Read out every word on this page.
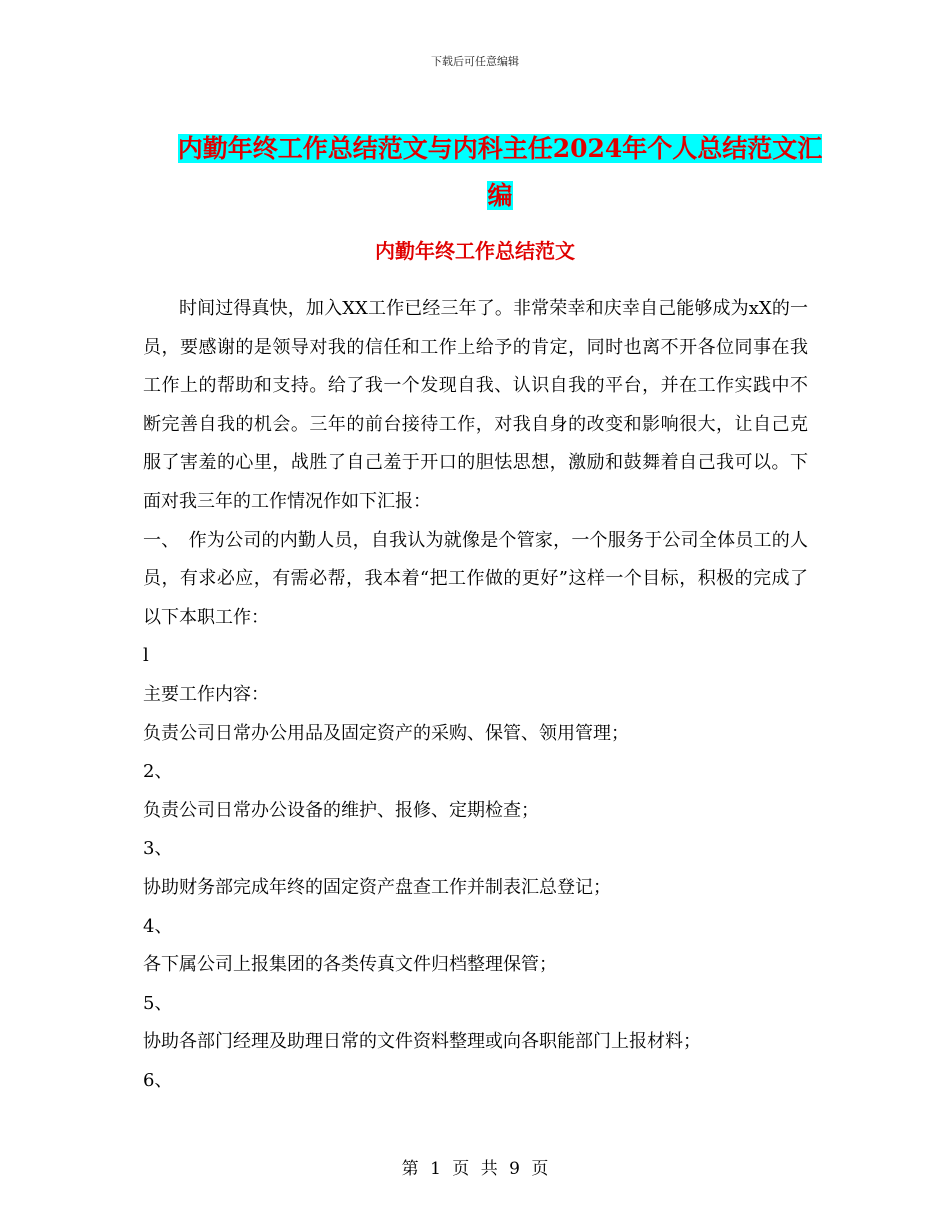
下载后可任意编辑
内勤年终工作总结范文与内科主任2024年个人总结范文汇编
内勤年终工作总结范文

时间过得真快，加入XX工作已经三年了。非常荣幸和庆幸自己能够成为xX的一员，要感谢的是领导对我的信任和工作上给予的肯定，同时也离不开各位同事在我工作上的帮助和支持。给了我一个发现自我、认识自我的平台，并在工作实践中不断完善自我的机会。三年的前台接待工作，对我自身的改变和影响很大，让自己克服了害羞的心里，战胜了自己羞于开口的胆怯思想，激励和鼓舞着自己我可以。下面对我三年的工作情况作如下汇报：

一、　作为公司的内勤人员，自我认为就像是个管家，一个服务于公司全体员工的人员，有求必应，有需必帮，我本着“把工作做的更好”这样一个目标，积极的完成了以下本职工作：

l

主要工作内容：

负责公司日常办公用品及固定资产的采购、保管、领用管理；

2、

负责公司日常办公设备的维护、报修、定期检查；

3、

协助财务部完成年终的固定资产盘查工作并制表汇总登记；

4、

各下属公司上报集团的各类传真文件归档整理保管；

5、

协助各部门经理及助理日常的文件资料整理或向各职能部门上报材料；

6、

第 1 页 共 9 页
